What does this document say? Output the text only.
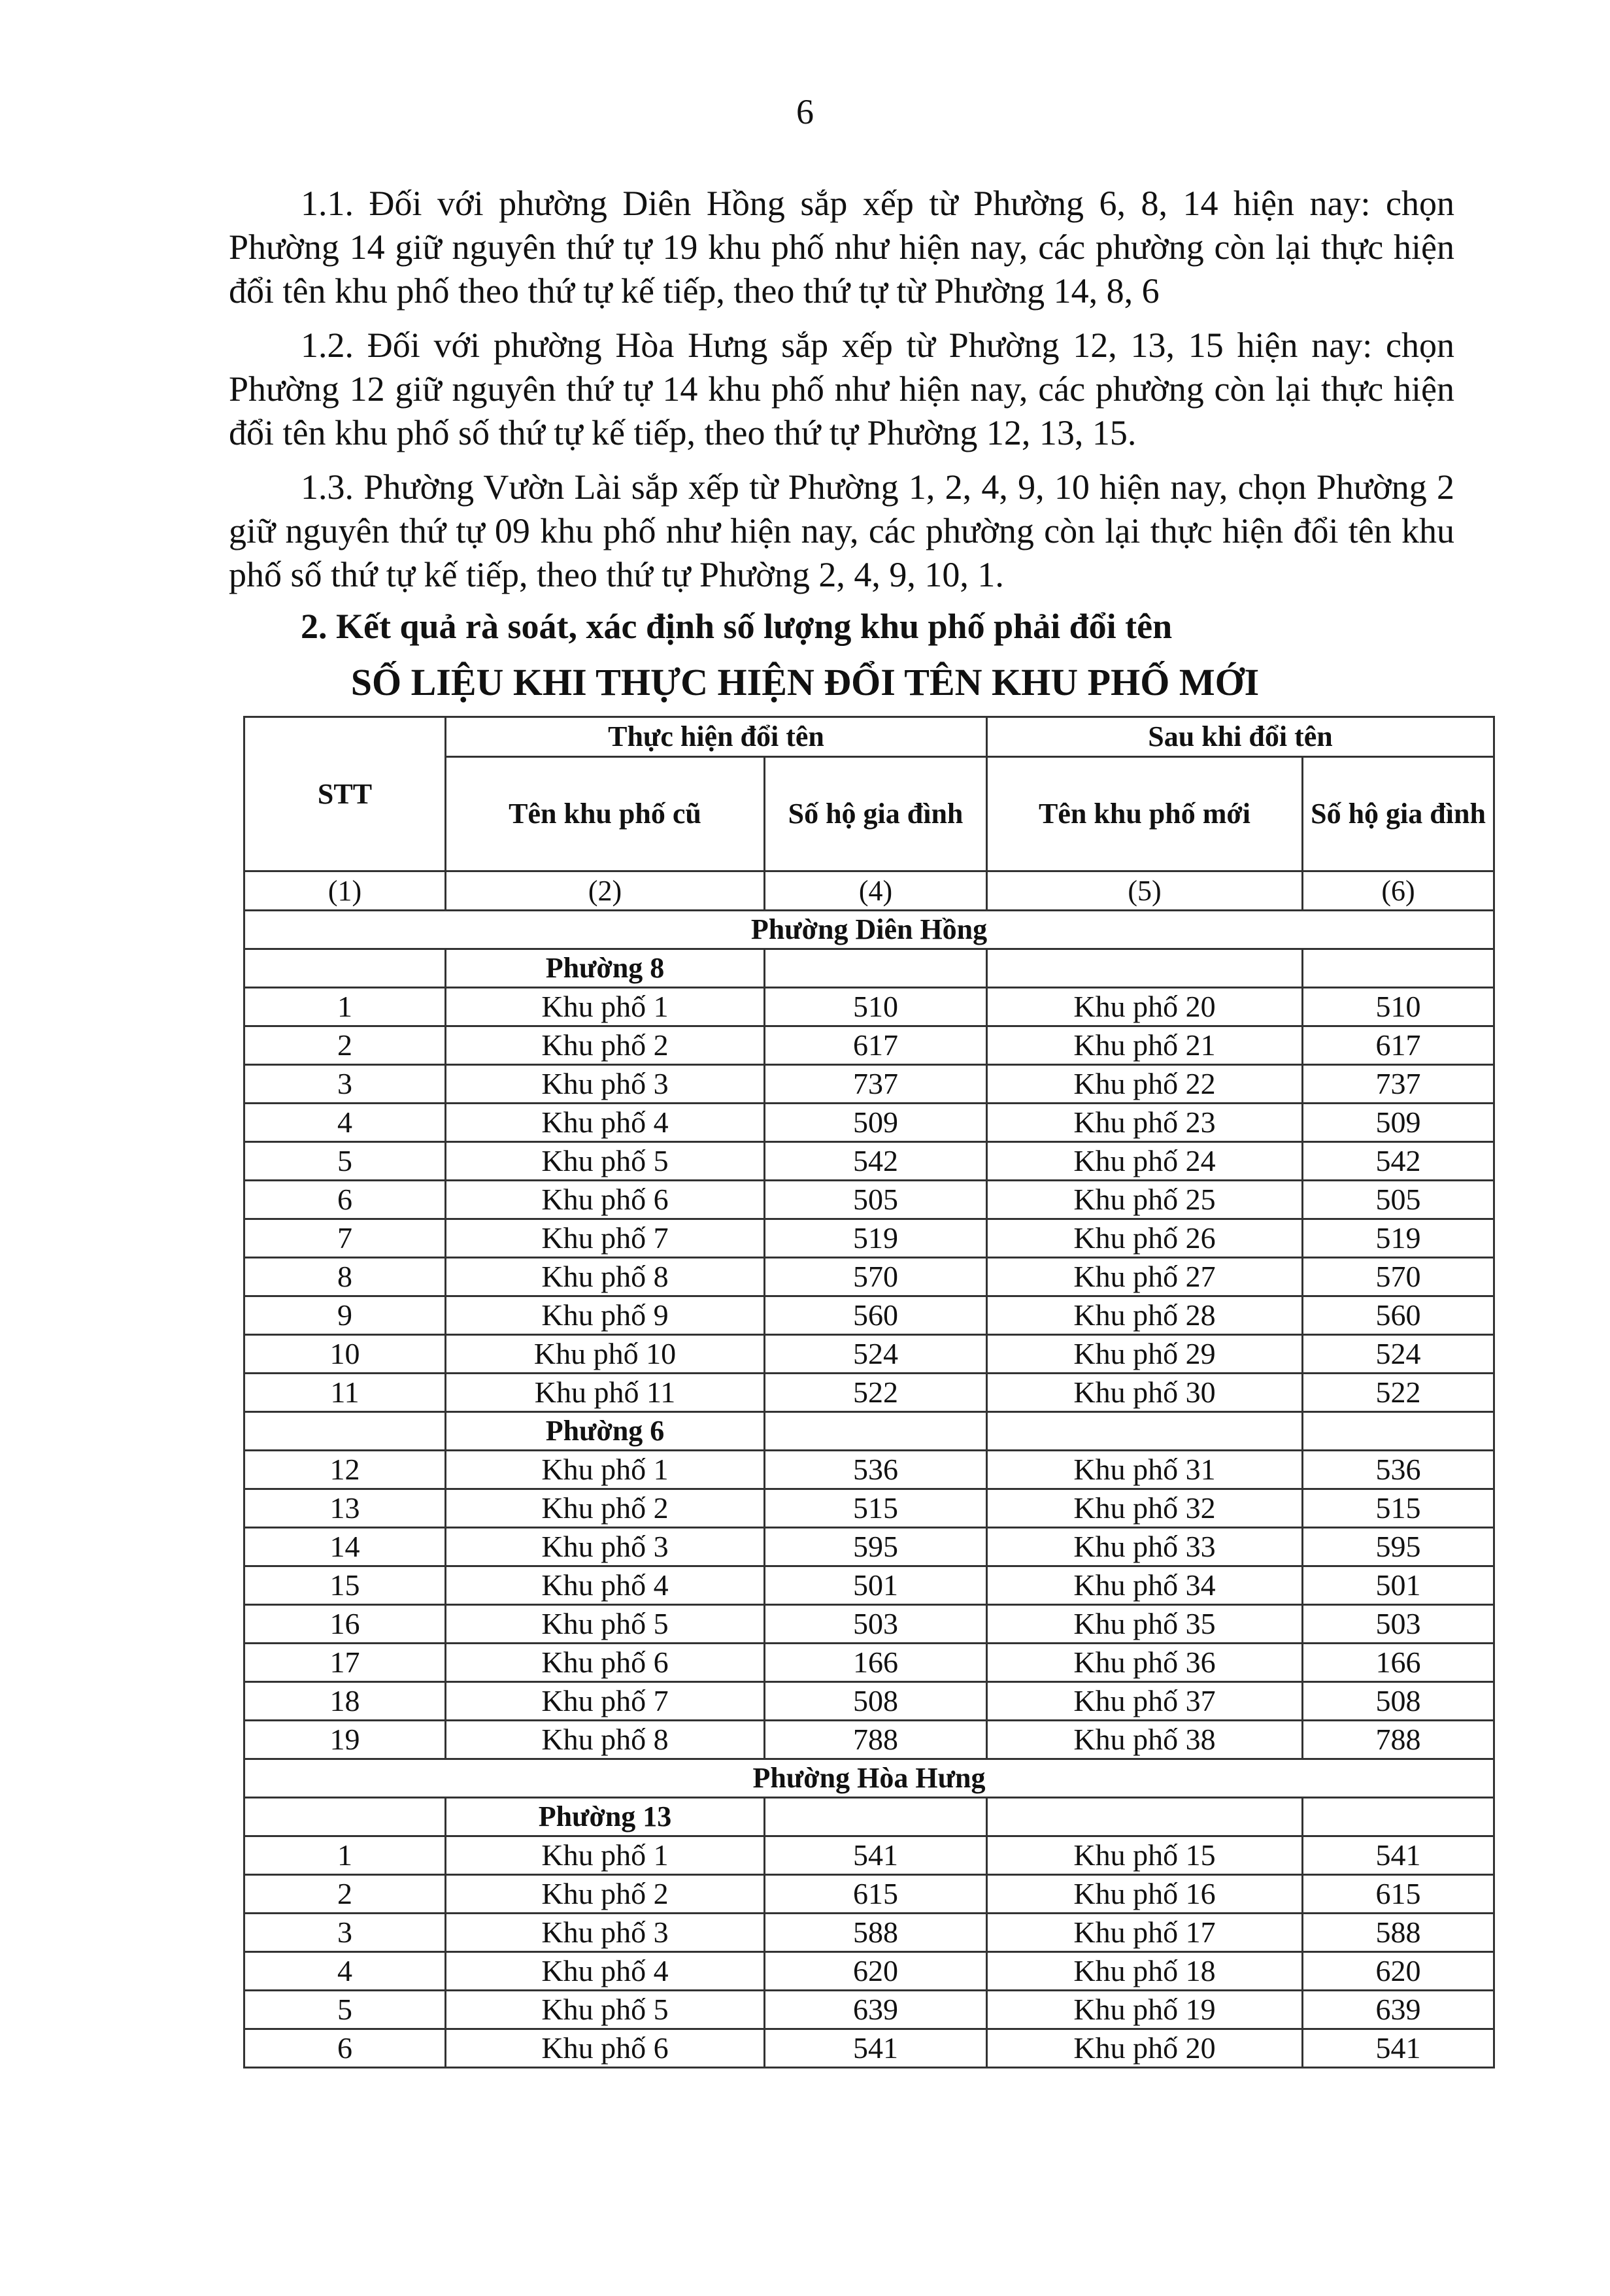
6

1.1. Đối với phường Diên Hồng sắp xếp từ Phường 6, 8, 14 hiện nay: chọn Phường 14 giữ nguyên thứ tự 19 khu phố như hiện nay, các phường còn lại thực hiện đổi tên khu phố theo thứ tự kế tiếp, theo thứ tự từ Phường 14, 8, 6

1.2. Đối với phường Hòa Hưng sắp xếp từ Phường 12, 13, 15 hiện nay: chọn Phường 12 giữ nguyên thứ tự 14 khu phố như hiện nay, các phường còn lại thực hiện đổi tên khu phố số thứ tự kế tiếp, theo thứ tự Phường 12, 13, 15.

1.3. Phường Vườn Lài sắp xếp từ Phường 1, 2, 4, 9, 10 hiện nay, chọn Phường 2 giữ nguyên thứ tự 09 khu phố như hiện nay, các phường còn lại thực hiện đổi tên khu phố số thứ tự kế tiếp, theo thứ tự Phường 2, 4, 9, 10, 1.

2. Kết quả rà soát, xác định số lượng khu phố phải đổi tên
SỐ LIỆU KHI THỰC HIỆN ĐỔI TÊN KHU PHỐ MỚI
STT	Thực hiện đổi tên		Sau khi đổi tên	
	Tên khu phố cũ	Số hộ gia đình	Tên khu phố mới	Số hộ gia đình
(1)	(2)	(4)	(5)	(6)
Phường Diên Hồng				
	Phường 8			
1	Khu phố 1	510	Khu phố 20	510
2	Khu phố 2	617	Khu phố 21	617
3	Khu phố 3	737	Khu phố 22	737
4	Khu phố 4	509	Khu phố 23	509
5	Khu phố 5	542	Khu phố 24	542
6	Khu phố 6	505	Khu phố 25	505
7	Khu phố 7	519	Khu phố 26	519
8	Khu phố 8	570	Khu phố 27	570
9	Khu phố 9	560	Khu phố 28	560
10	Khu phố 10	524	Khu phố 29	524
11	Khu phố 11	522	Khu phố 30	522
	Phường 6			
12	Khu phố 1	536	Khu phố 31	536
13	Khu phố 2	515	Khu phố 32	515
14	Khu phố 3	595	Khu phố 33	595
15	Khu phố 4	501	Khu phố 34	501
16	Khu phố 5	503	Khu phố 35	503
17	Khu phố 6	166	Khu phố 36	166
18	Khu phố 7	508	Khu phố 37	508
19	Khu phố 8	788	Khu phố 38	788
Phường Hòa Hưng				
	Phường 13			
1	Khu phố 1	541	Khu phố 15	541
2	Khu phố 2	615	Khu phố 16	615
3	Khu phố 3	588	Khu phố 17	588
4	Khu phố 4	620	Khu phố 18	620
5	Khu phố 5	639	Khu phố 19	639
6	Khu phố 6	541	Khu phố 20	541
